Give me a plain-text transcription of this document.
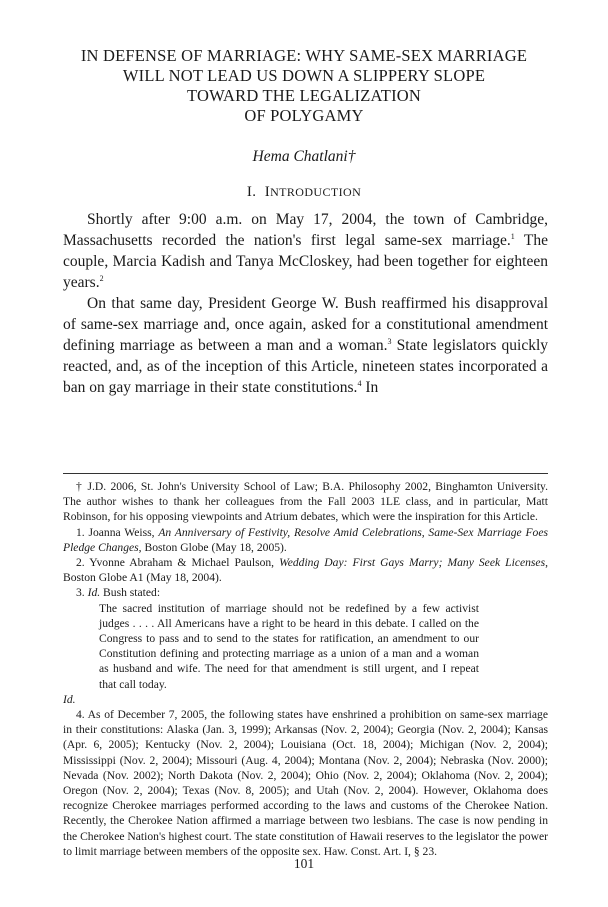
IN DEFENSE OF MARRIAGE: WHY SAME-SEX MARRIAGE
WILL NOT LEAD US DOWN A SLIPPERY SLOPE
TOWARD THE LEGALIZATION
OF POLYGAMY
Hema Chatlani†
I. INTRODUCTION

Shortly after 9:00 a.m. on May 17, 2004, the town of Cambridge, Massachusetts recorded the nation's first legal same-sex marriage.$^1$ The couple, Marcia Kadish and Tanya McCloskey, had been together for eighteen years.$^2$

On that same day, President George W. Bush reaffirmed his disapproval of same-sex marriage and, once again, asked for a constitutional amendment defining marriage as between a man and a woman.$^3$ State legislators quickly reacted, and, as of the inception of this Article, nineteen states incorporated a ban on gay marriage in their state constitutions.$^4$ In

† J.D. 2006, St. John's University School of Law; B.A. Philosophy 2002, Binghamton University. The author wishes to thank her colleagues from the Fall 2003 1LE class, and in particular, Matt Robinson, for his opposing viewpoints and Atrium debates, which were the inspiration for this Article.

1. Joanna Weiss, An Anniversary of Festivity, Resolve Amid Celebrations, Same-Sex Marriage Foes Pledge Changes, Boston Globe (May 18, 2005).

2. Yvonne Abraham & Michael Paulson, Wedding Day: First Gays Marry; Many Seek Licenses, Boston Globe A1 (May 18, 2004).

3. Id. Bush stated:

The sacred institution of marriage should not be redefined by a few activist judges . . . . All Americans have a right to be heard in this debate. I called on the Congress to pass and to send to the states for ratification, an amendment to our Constitution defining and protecting marriage as a union of a man and a woman as husband and wife. The need for that amendment is still urgent, and I repeat that call today.

Id.

4. As of December 7, 2005, the following states have enshrined a prohibition on same-sex marriage in their constitutions: Alaska (Jan. 3, 1999); Arkansas (Nov. 2, 2004); Georgia (Nov. 2, 2004); Kansas (Apr. 6, 2005); Kentucky (Nov. 2, 2004); Louisiana (Oct. 18, 2004); Michigan (Nov. 2, 2004); Mississippi (Nov. 2, 2004); Missouri (Aug. 4, 2004); Montana (Nov. 2, 2004); Nebraska (Nov. 2000); Nevada (Nov. 2002); North Dakota (Nov. 2, 2004); Ohio (Nov. 2, 2004); Oklahoma (Nov. 2, 2004); Oregon (Nov. 2, 2004); Texas (Nov. 8, 2005); and Utah (Nov. 2, 2004). However, Oklahoma does recognize Cherokee marriages performed according to the laws and customs of the Cherokee Nation. Recently, the Cherokee Nation affirmed a marriage between two lesbians. The case is now pending in the Cherokee Nation's highest court. The state constitution of Hawaii reserves to the legislator the power to limit marriage between members of the opposite sex. Haw. Const. Art. I, § 23.

101
